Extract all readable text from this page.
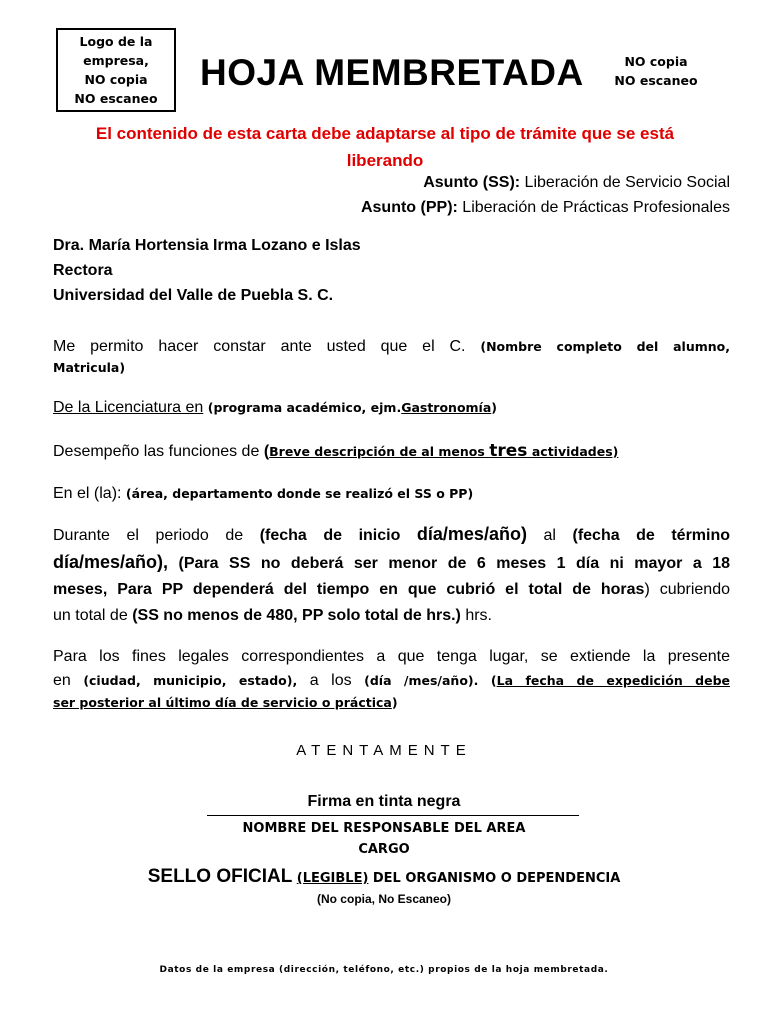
Logo de la
empresa,
NO copia
NO escaneo
HOJA MEMBRETADA	NO copia
NO escaneo
El contenido de esta carta debe adaptarse al tipo de trámite que se está liberando
Asunto (SS): Liberación de Servicio Social
Asunto (PP): Liberación de Prácticas Profesionales
Dra. María Hortensia Irma Lozano e Islas
Rectora
Universidad del Valle de Puebla S. C.
Me permito hacer constar ante usted que el C. (Nombre completo del alumno,
Matricula)
De la Licenciatura en (programa académico, ejm.Gastronomía)
Desempeño las funciones de (Breve descripción de al menos tres actividades)
En el (la): (área, departamento donde se realizó el SS o PP)
Durante el periodo de (fecha de inicio día/mes/año) al (fecha de término
día/mes/año), (Para SS no deberá ser menor de 6 meses 1 día ni mayor a 18
meses, Para PP dependerá del tiempo en que cubrió el total de horas) cubriendo
un total de (SS no menos de 480, PP solo total de hrs.) hrs.
Para los fines legales correspondientes a que tenga lugar, se extiende la presente
en (ciudad, municipio, estado), a los (día /mes/año). (La fecha de expedición debe
ser posterior al último día de servicio o práctica)
ATENTAMENTE
Firma en tinta negra
NOMBRE DEL RESPONSABLE DEL AREA
CARGO
SELLO OFICIAL (LEGIBLE) DEL ORGANISMO O DEPENDENCIA
(No copia, No Escaneo)
Datos de la empresa (dirección, teléfono, etc.) propios de la hoja membretada.
